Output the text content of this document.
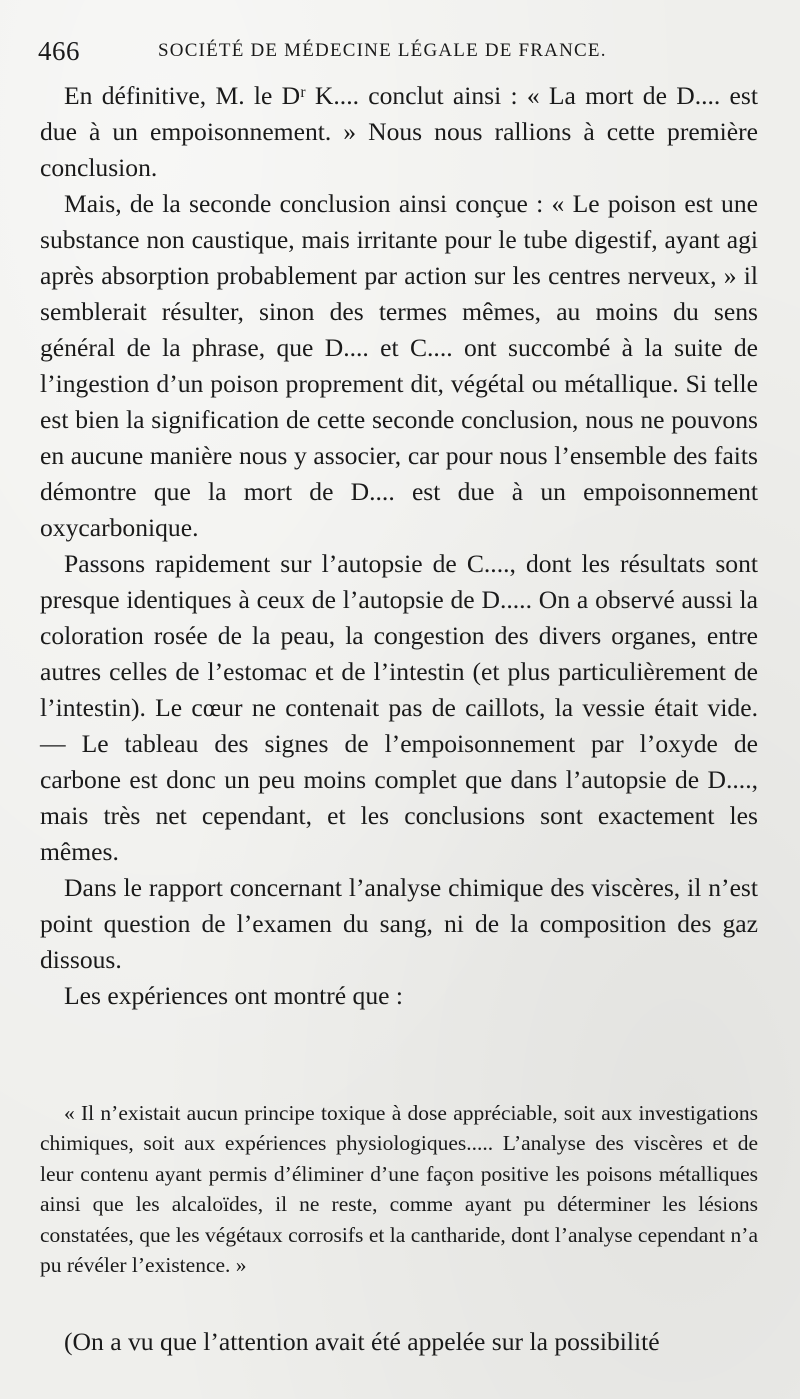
466	SOCIÉTÉ DE MÉDECINE LÉGALE DE FRANCE.

En définitive, M. le Dʳ K.... conclut ainsi : « La mort de D.... est due à un empoisonnement. » Nous nous rallions à cette première conclusion.

Mais, de la seconde conclusion ainsi conçue : « Le poison est une substance non caustique, mais irritante pour le tube digestif, ayant agi après absorption probablement par action sur les centres nerveux, » il semblerait résulter, sinon des termes mêmes, au moins du sens général de la phrase, que D.... et C.... ont succombé à la suite de l’ingestion d’un poison proprement dit, végétal ou métallique. Si telle est bien la signification de cette seconde conclusion, nous ne pouvons en aucune manière nous y associer, car pour nous l’ensemble des faits démontre que la mort de D.... est due à un empoisonnement oxycarbonique.

Passons rapidement sur l’autopsie de C...., dont les résultats sont presque identiques à ceux de l’autopsie de D..... On a observé aussi la coloration rosée de la peau, la congestion des divers organes, entre autres celles de l’estomac et de l’intestin (et plus particulièrement de l’intestin). Le cœur ne contenait pas de caillots, la vessie était vide. — Le tableau des signes de l’empoisonnement par l’oxyde de carbone est donc un peu moins complet que dans l’autopsie de D...., mais très net cependant, et les conclusions sont exactement les mêmes.

Dans le rapport concernant l’analyse chimique des viscères, il n’est point question de l’examen du sang, ni de la composition des gaz dissous.

Les expériences ont montré que :

« Il n’existait aucun principe toxique à dose appréciable, soit aux investigations chimiques, soit aux expériences physiologiques..... L’analyse des viscères et de leur contenu ayant permis d’éliminer d’une façon positive les poisons métalliques ainsi que les alcaloïdes, il ne reste, comme ayant pu déterminer les lésions constatées, que les végétaux corrosifs et la cantharide, dont l’analyse cependant n’a pu révéler l’existence. »
(On a vu que l’attention avait été appelée sur la possibilité
